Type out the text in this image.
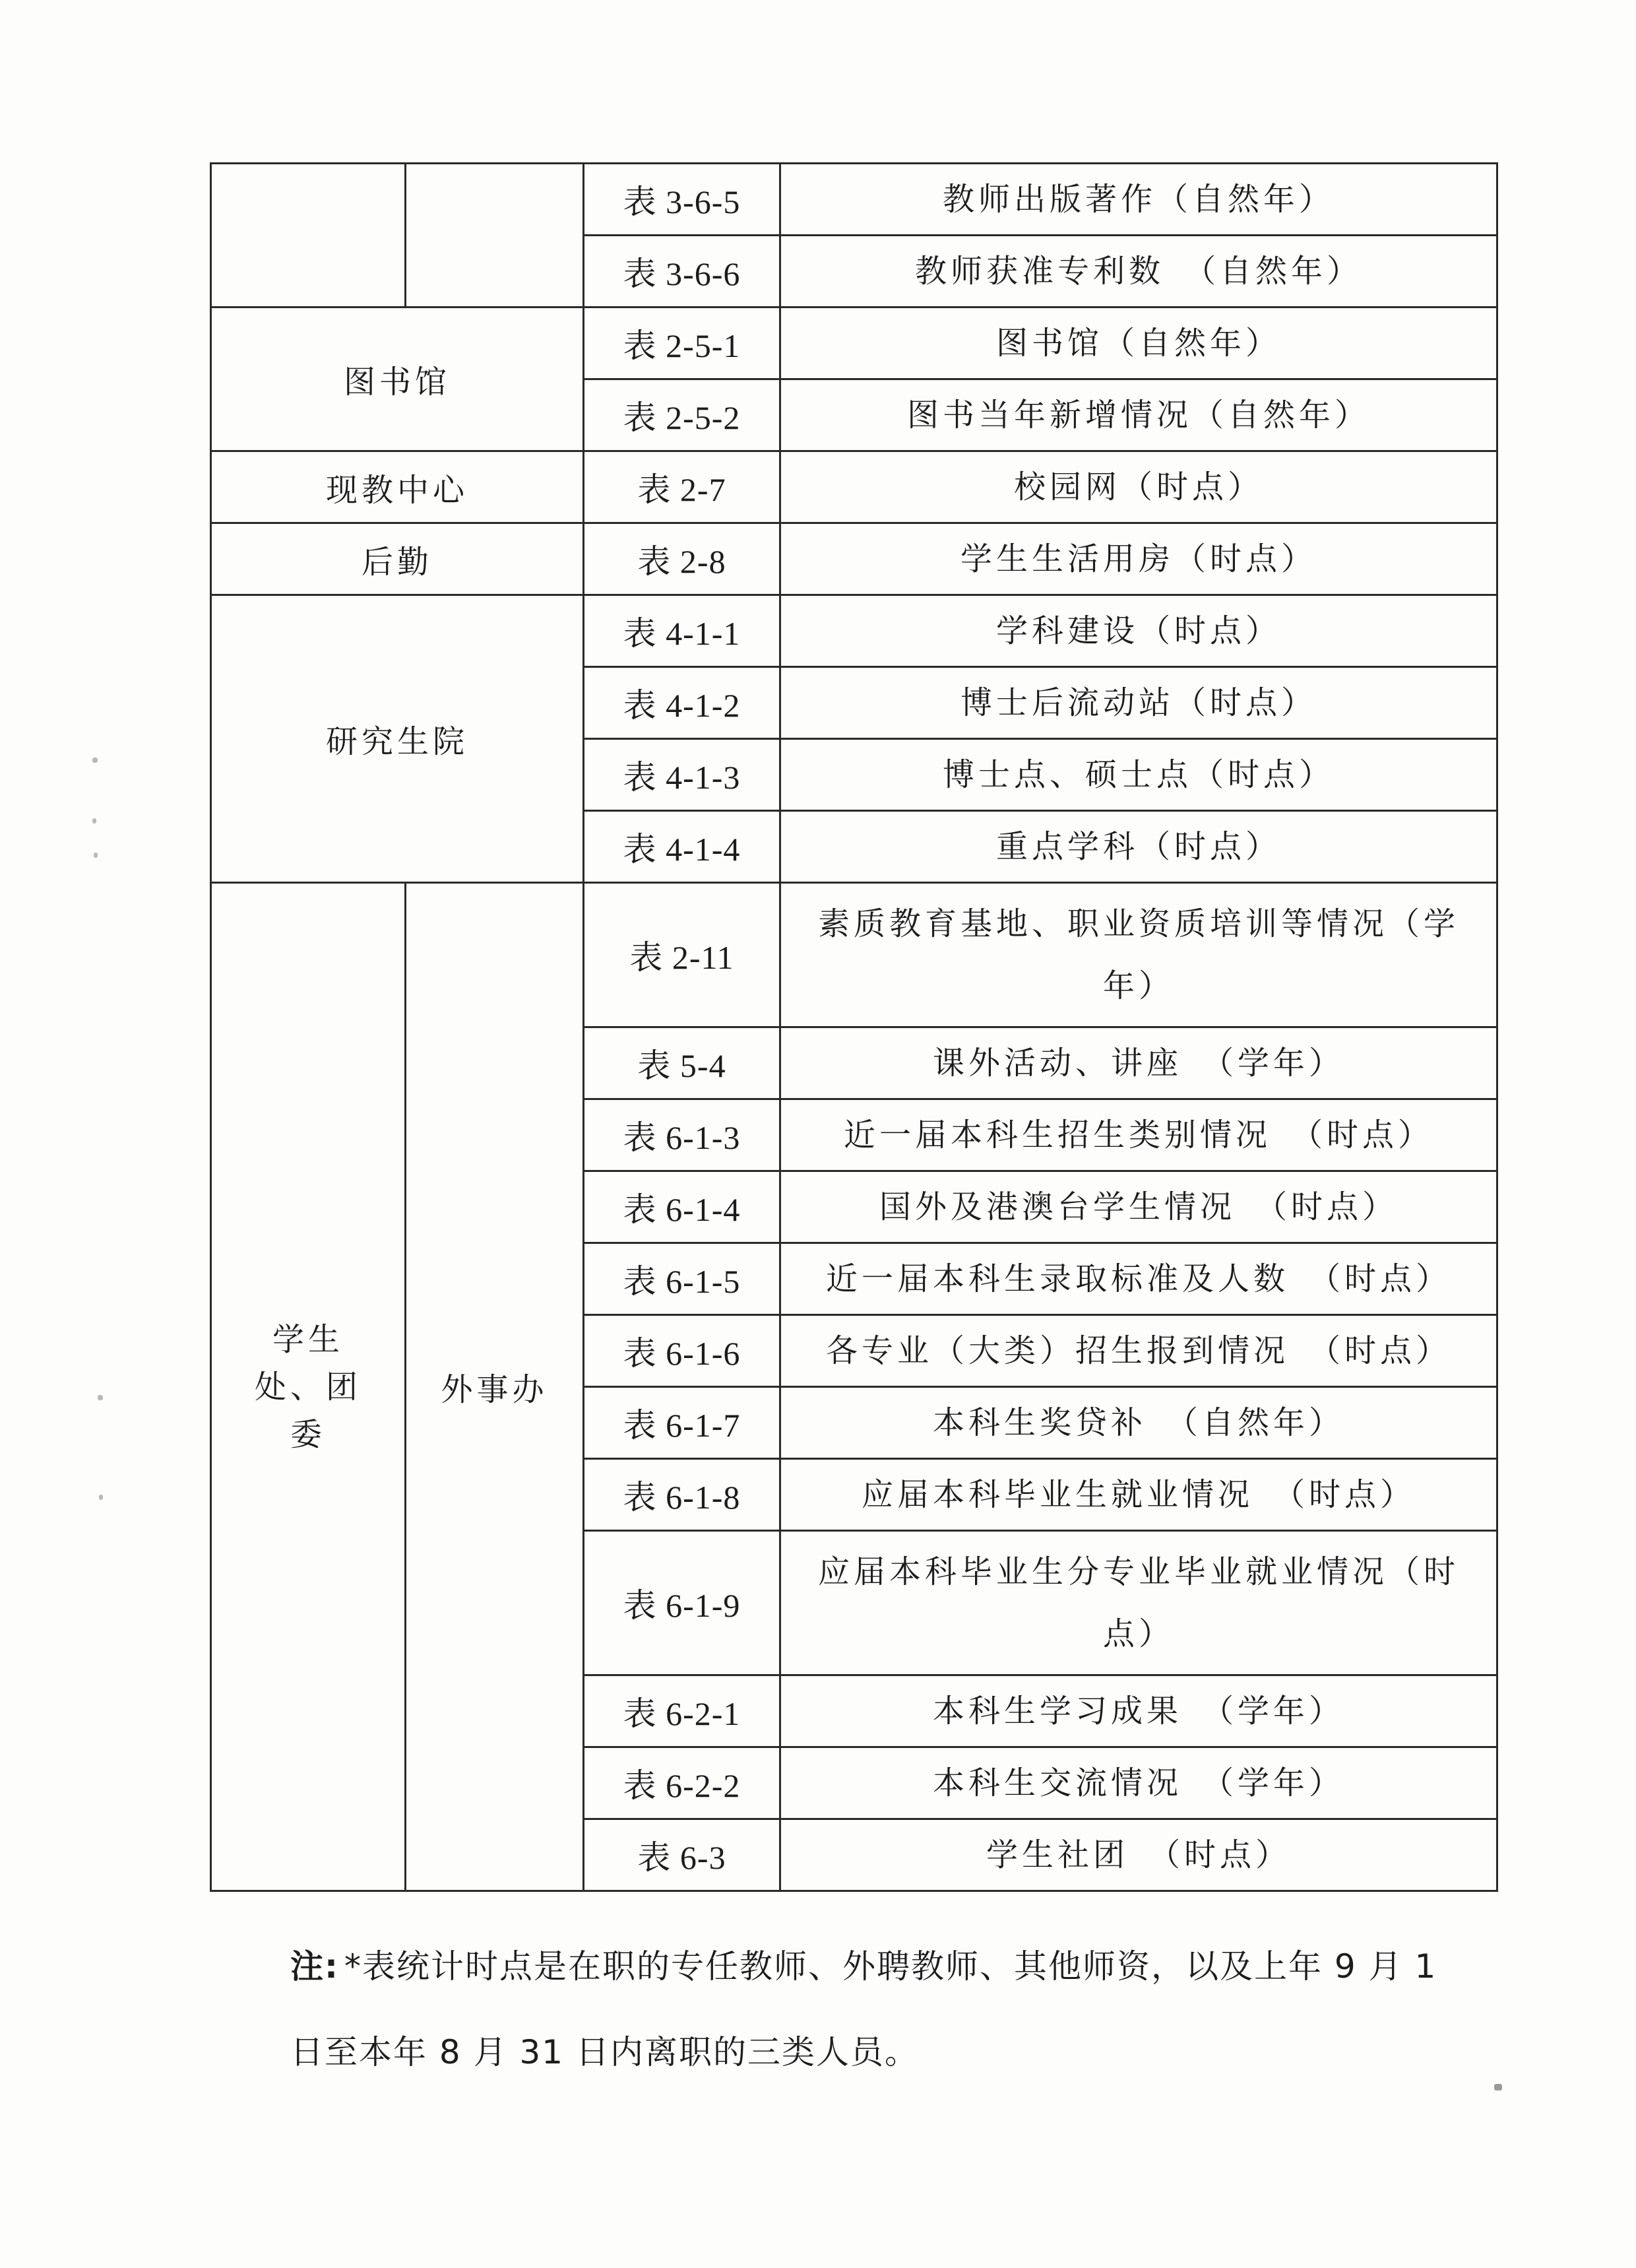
		表 3-6-5	教师出版著作（自然年）
		表 3-6-6	教师获准专利数　（自然年）
图书馆		表 2-5-1	图书馆（自然年）
		表 2-5-2	图书当年新增情况（自然年）
现教中心		表 2-7	校园网（时点）
后勤		表 2-8	学生生活用房（时点）
研究生院		表 4-1-1	学科建设（时点）
		表 4-1-2	博士后流动站（时点）
		表 4-1-3	博士点、硕士点（时点）
		表 4-1-4	重点学科（时点）
学生处、团　委	外事办	表 2-11	素质教育基地、职业资质培训等情况（学年）
		表 5-4	课外活动、讲座　（学年）
		表 6-1-3	近一届本科生招生类别情况　（时点）
		表 6-1-4	国外及港澳台学生情况　（时点）
		表 6-1-5	近一届本科生录取标准及人数　（时点）
		表 6-1-6	各专业（大类）招生报到情况　（时点）
		表 6-1-7	本科生奖贷补　（自然年）
		表 6-1-8	应届本科毕业生就业情况　（时点）
		表 6-1-9	应届本科毕业生分专业毕业就业情况（时点）
		表 6-2-1	本科生学习成果　（学年）
		表 6-2-2	本科生交流情况　（学年）
		表 6-3	学生社团　（时点）
注: *表统计时点是在职的专任教师、外聘教师、其他师资，以及上年 9 月 1 日至本年 8 月 31 日内离职的三类人员。
